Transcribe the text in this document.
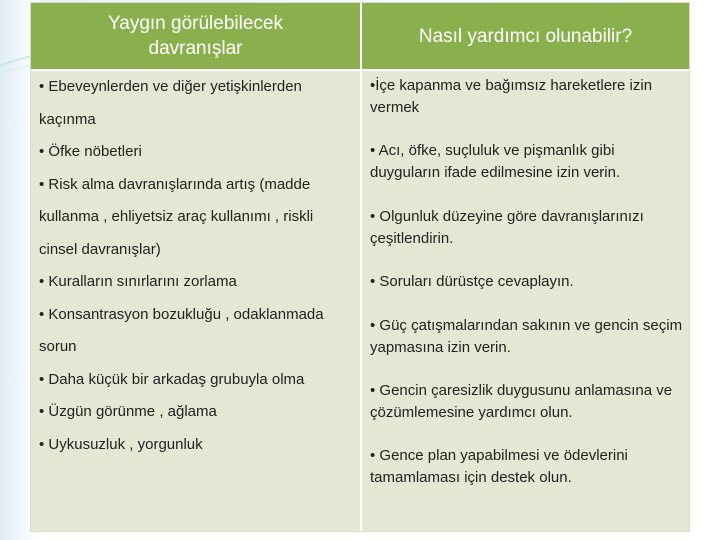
Yaygın görülebilecek davranışlar
Nasıl yardımcı olunabilir?
• Ebeveynlerden ve diğer yetişkinlerden
kaçınma
• Öfke nöbetleri
• Risk alma davranışlarında artış (madde
kullanma , ehliyetsiz araç kullanımı , riskli
cinsel davranışlar)
• Kuralların sınırlarını zorlama
• Konsantrasyon bozukluğu , odaklanmada
sorun
• Daha küçük bir arkadaş grubuyla olma
• Üzgün görünme , ağlama
• Uykusuzluk , yorgunluk
•İçe kapanma ve bağımsız hareketlere izin vermek
• Acı, öfke, suçluluk ve pişmanlık gibi duyguların ifade edilmesine izin verin.
• Olgunluk düzeyine göre davranışlarınızı çeşitlendirin.
• Soruları dürüstçe cevaplayın.
• Güç çatışmalarından sakının ve gencin seçim yapmasına izin verin.
• Gencin çaresizlik duygusunu anlamasına ve çözümlemesine yardımcı olun.
• Gence plan yapabilmesi ve ödevlerini tamamlaması için destek olun.
